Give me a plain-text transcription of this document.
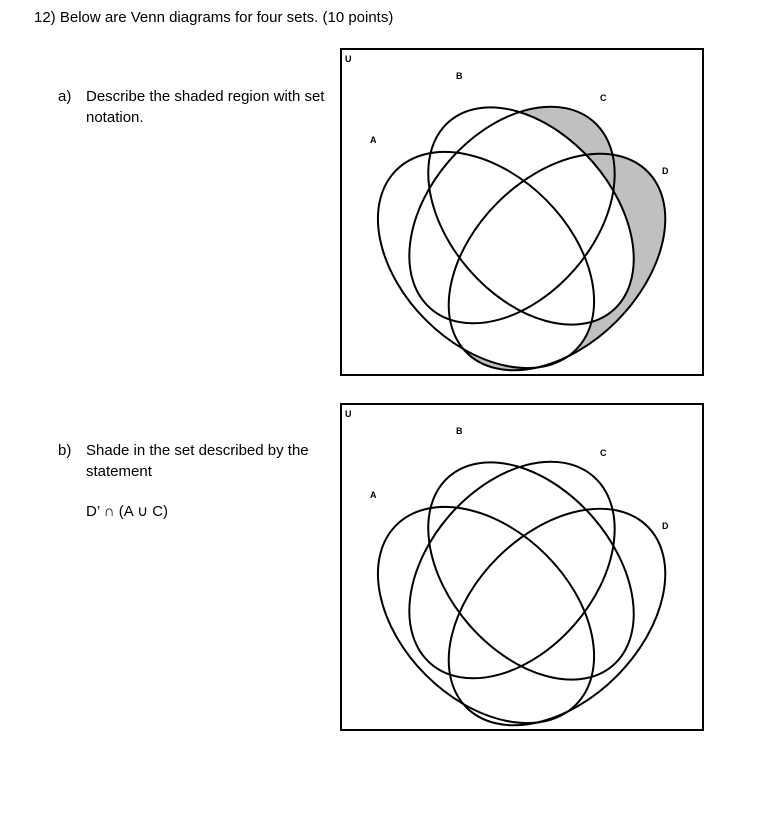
12) Below are Venn diagrams for four sets. (10 points)
a) Describe the shaded region with set notation.
b) Shade in the set described by the statement
D’ ∩ (A ∪ C)
U
B
C
A
D
U
B
C
A
D
